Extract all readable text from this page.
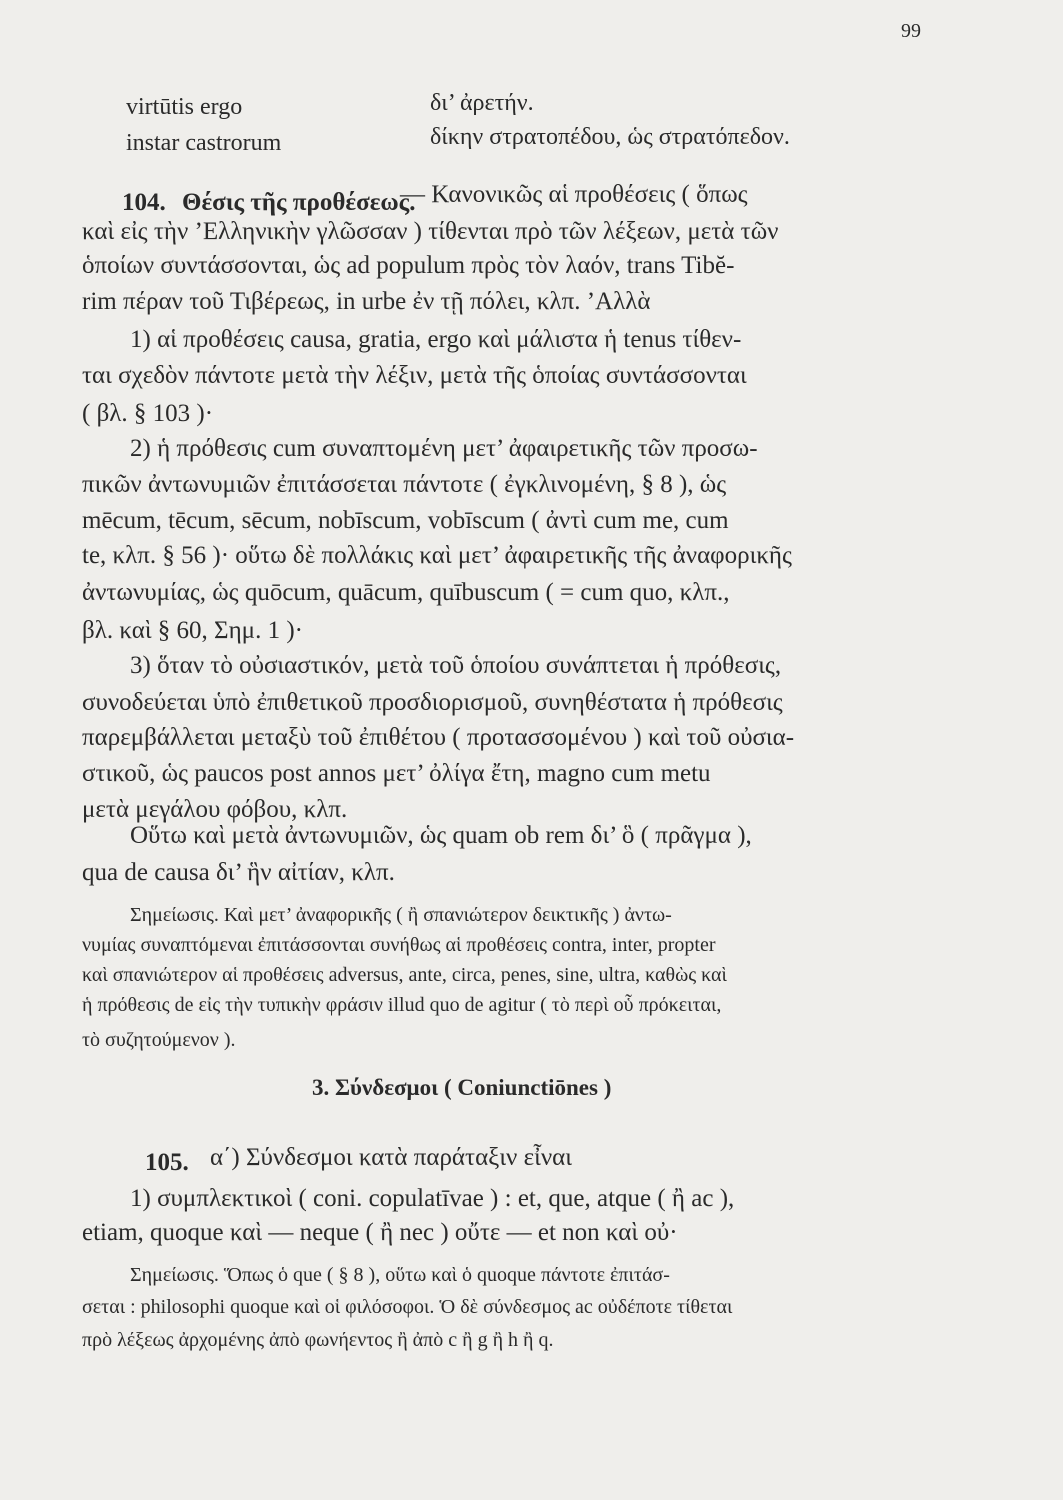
99
virtūtis ergo	δι’ ἀρετήν.
instar castrorum	δίκην στρατοπέδου, ὡς στρατόπεδον.
104. Θέσις τῆς προθέσεως.
— Κανονικῶς αἱ προθέσεις ( ὅπως
καὶ εἰς τὴν ’Ελληνικὴν γλῶσσαν ) τίθενται πρὸ τῶν λέξεων, μετὰ τῶν
ὁποίων συντάσσονται, ὡς ad populum πρὸς τὸν λαόν, trans Tibĕ-
rim πέραν τοῦ Τιβέρεως, in urbe ἐν τῇ πόλει, κλπ. ’Αλλὰ
1) αἱ προθέσεις causa, gratia, ergo καὶ μάλιστα ἡ tenus τίθεν-
ται σχεδὸν πάντοτε μετὰ τὴν λέξιν, μετὰ τῆς ὁποίας συντάσσονται
( βλ. § 103 )·
2) ἡ πρόθεσις cum συναπτομένη μετ’ ἀφαιρετικῆς τῶν προσω-
πικῶν ἀντωνυμιῶν ἐπιτάσσεται πάντοτε ( ἐγκλινομένη, § 8 ), ὡς
mēcum, tēcum, sēcum, nobīscum, vobīscum ( ἀντὶ cum me, cum
te, κλπ. § 56 )· οὕτω δὲ πολλάκις καὶ μετ’ ἀφαιρετικῆς τῆς ἀναφορικῆς
ἀντωνυμίας, ὡς quōcum, quācum, quībuscum ( = cum quo, κλπ.,
βλ. καὶ § 60, Σημ. 1 )·
3) ὅταν τὸ οὐσιαστικόν, μετὰ τοῦ ὁποίου συνάπτεται ἡ πρόθεσις,
συνοδεύεται ὑπὸ ἐπιθετικοῦ προσδιορισμοῦ, συνηθέστατα ἡ πρόθεσις
παρεμβάλλεται μεταξὺ τοῦ ἐπιθέτου ( προτασσομένου ) καὶ τοῦ οὐσια-
στικοῦ, ὡς paucos post annos μετ’ ὀλίγα ἔτη, magno cum metu
μετὰ μεγάλου φόβου, κλπ.
Οὕτω καὶ μετὰ ἀντωνυμιῶν, ὡς quam ob rem δι’ ὃ ( πρᾶγμα ),
qua de causa δι’ ἣν αἰτίαν, κλπ.
Σημείωσις. Καὶ μετ’ ἀναφορικῆς ( ἢ σπανιώτερον δεικτικῆς ) ἀντω-
νυμίας συναπτόμεναι ἐπιτάσσονται συνήθως αἱ προθέσεις contra, inter, propter
καὶ σπανιώτερον αἱ προθέσεις adversus, ante, circa, penes, sine, ultra, καθὼς καὶ
ἡ πρόθεσις de εἰς τὴν τυπικὴν φράσιν illud quo de agitur ( τὸ περὶ οὗ πρόκειται,
τὸ συζητούμενον ).
3. Σύνδεσμοι ( Coniunctiōnes )
105. α΄) Σύνδεσμοι κατὰ παράταξιν εἶναι
1) συμπλεκτικοὶ ( coni. copulatīvae ) : et, que, atque ( ἢ ac ),
etiam, quoque καὶ — neque ( ἢ nec ) οὔτε — et non καὶ οὐ·
Σημείωσις. Ὅπως ὁ que ( § 8 ), οὕτω καὶ ὁ quoque πάντοτε ἐπιτάσ-
σεται : philosophi quoque καὶ οἱ φιλόσοφοι. Ὁ δὲ σύνδεσμος ac οὐδέποτε τίθεται
πρὸ λέξεως ἀρχομένης ἀπὸ φωνήεντος ἢ ἀπὸ c ἢ g ἢ h ἢ q.
